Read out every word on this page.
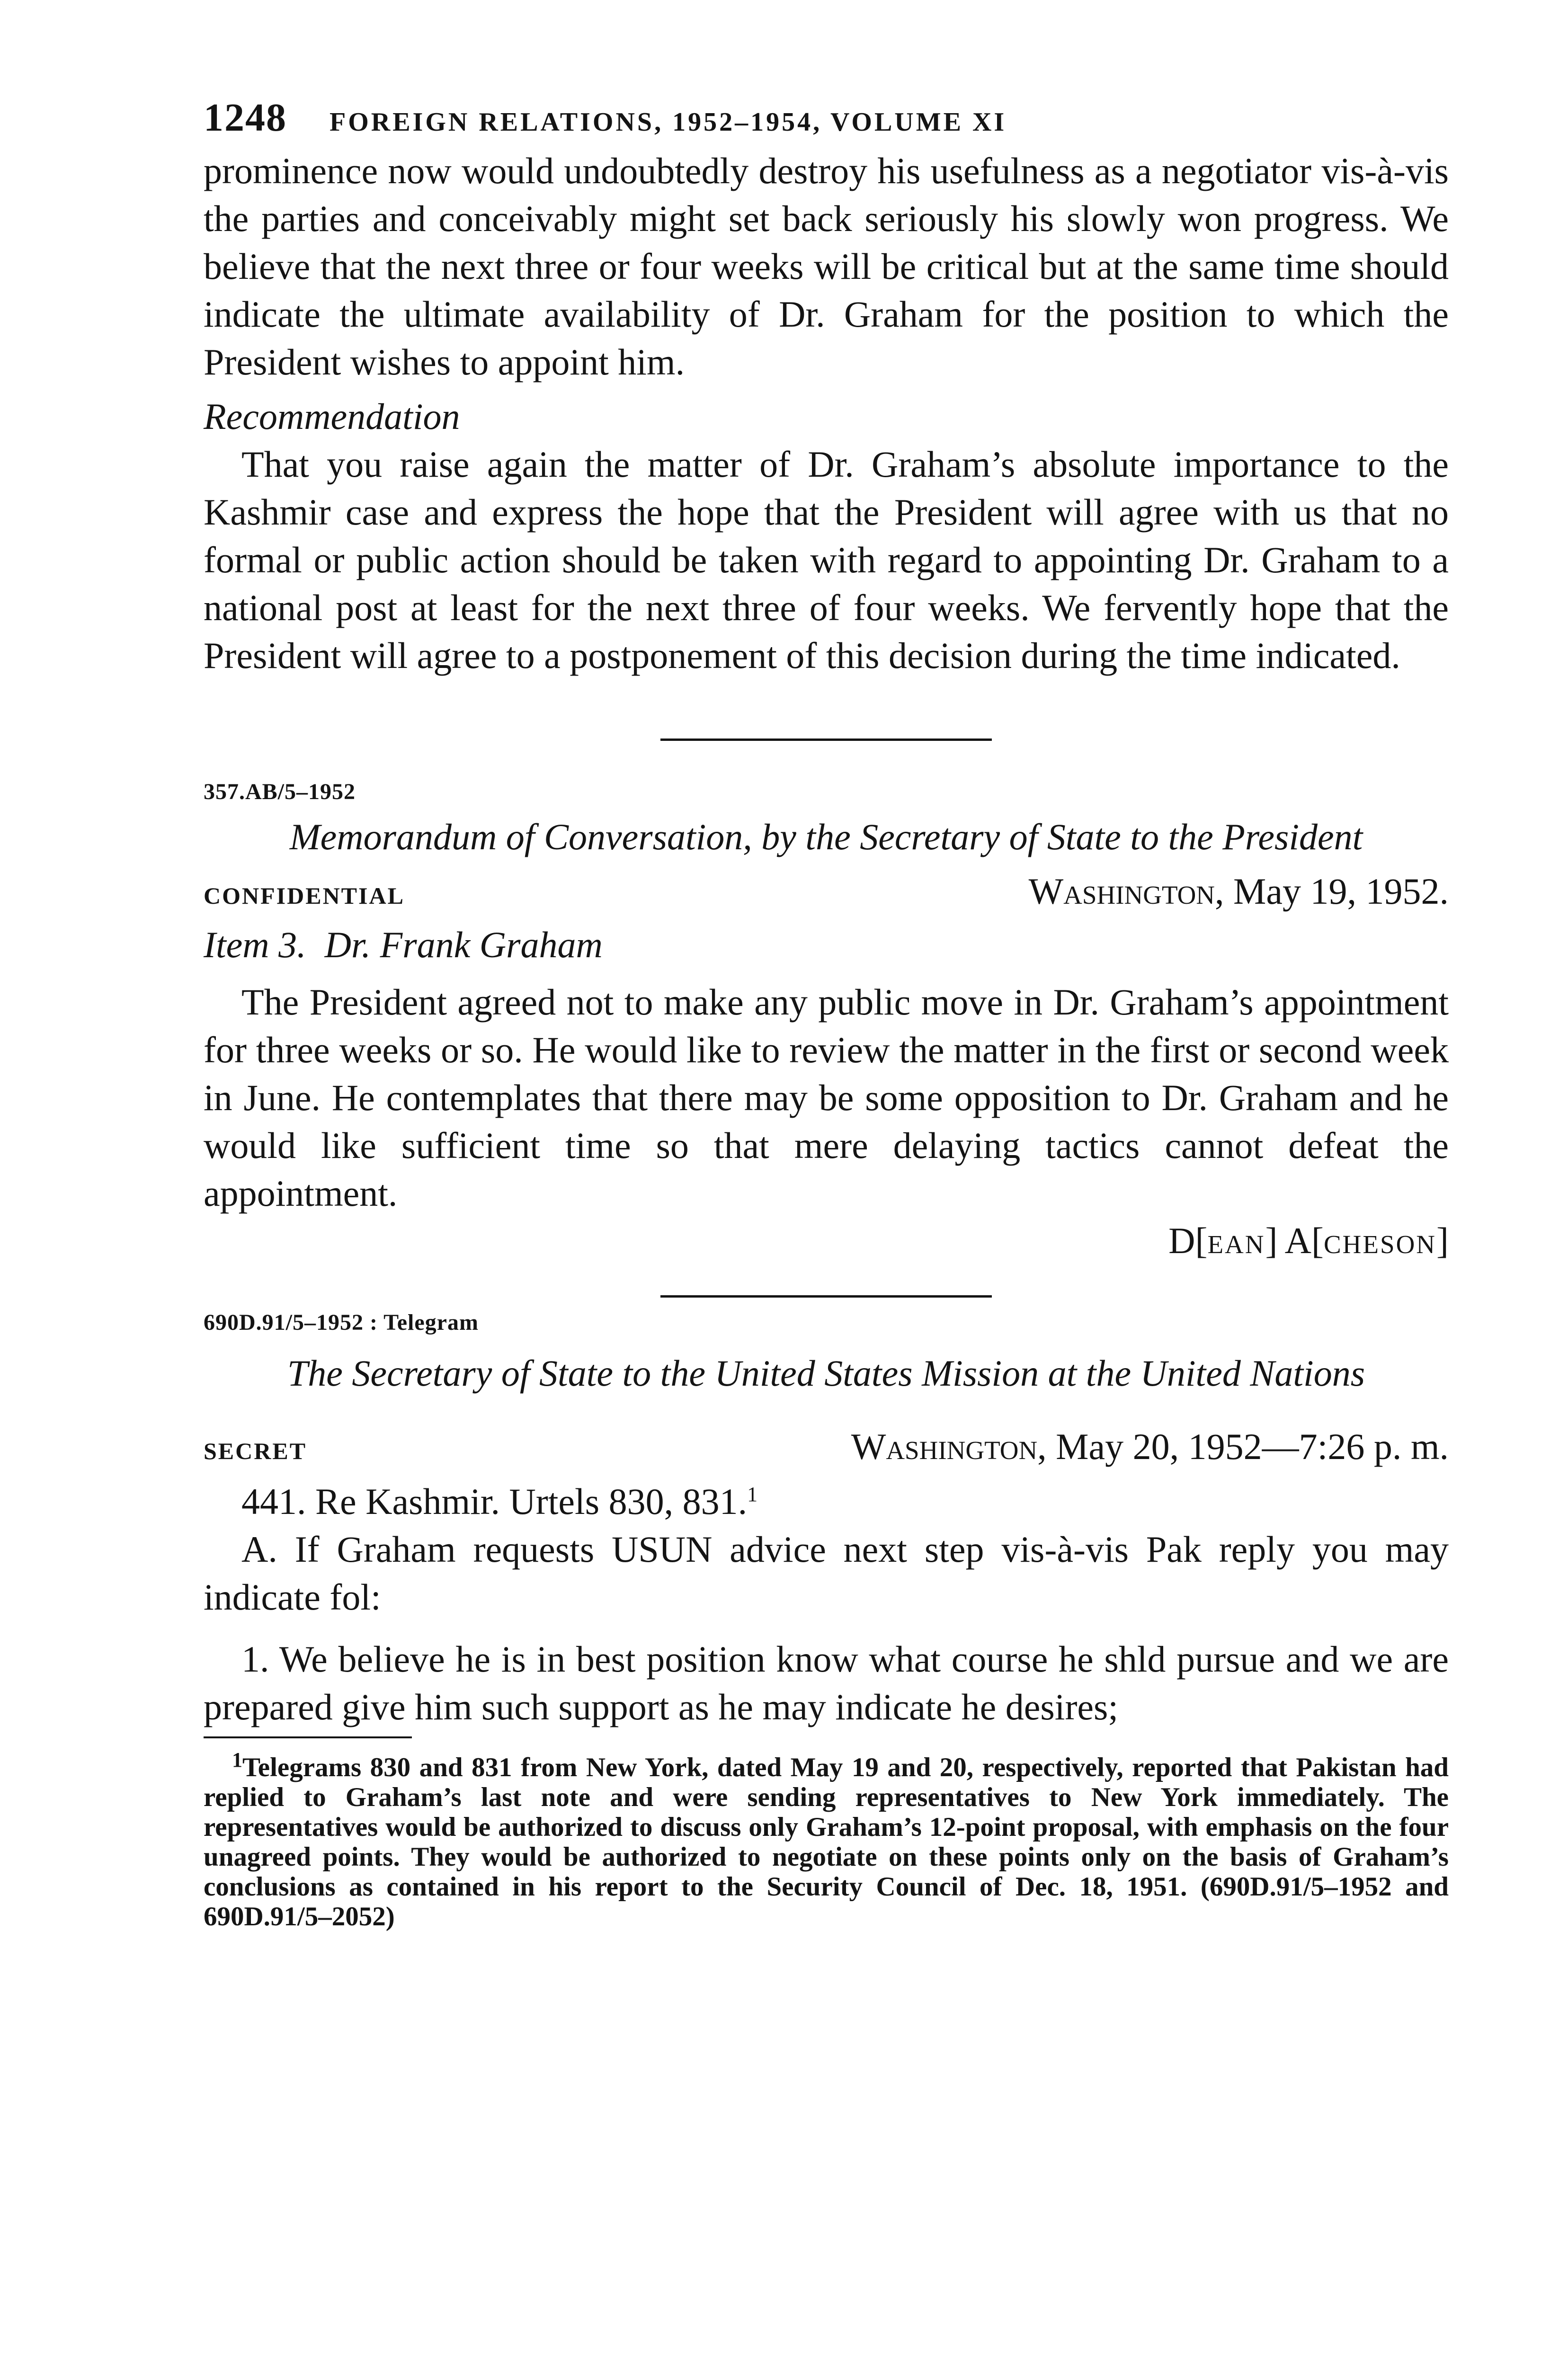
1248 FOREIGN RELATIONS, 1952–1954, VOLUME XI

prominence now would undoubtedly destroy his usefulness as a negotiator vis-à-vis the parties and conceivably might set back seriously his slowly won progress. We believe that the next three or four weeks will be critical but at the same time should indicate the ultimate availability of Dr. Graham for the position to which the President wishes to appoint him.

Recommendation

That you raise again the matter of Dr. Graham’s absolute importance to the Kashmir case and express the hope that the President will agree with us that no formal or public action should be taken with regard to appointing Dr. Graham to a national post at least for the next three of four weeks. We fervently hope that the President will agree to a postponement of this decision during the time indicated.

357.AB/5–1952
Memorandum of Conversation, by the Secretary of State to the President
CONFIDENTIAL	Washington, May 19, 1952.
Item 3. Dr. Frank Graham

The President agreed not to make any public move in Dr. Graham’s appointment for three weeks or so. He would like to review the matter in the first or second week in June. He contemplates that there may be some opposition to Dr. Graham and he would like sufficient time so that mere delaying tactics cannot defeat the appointment.

D[ean] A[cheson]
690D.91/5–1952 : Telegram
The Secretary of State to the United States Mission at the United Nations
SECRET	Washington, May 20, 1952—7:26 p. m.

441. Re Kashmir. Urtels 830, 831.$^1$

A. If Graham requests USUN advice next step vis-à-vis Pak reply you may indicate fol:

1. We believe he is in best position know what course he shld pursue and we are prepared give him such support as he may indicate he desires;

$^1$Telegrams 830 and 831 from New York, dated May 19 and 20, respectively, reported that Pakistan had replied to Graham’s last note and were sending representatives to New York immediately. The representatives would be authorized to discuss only Graham’s 12-point proposal, with emphasis on the four unagreed points. They would be authorized to negotiate on these points only on the basis of Graham’s conclusions as contained in his report to the Security Council of Dec. 18, 1951. (690D.91/5–1952 and 690D.91/5–2052)
